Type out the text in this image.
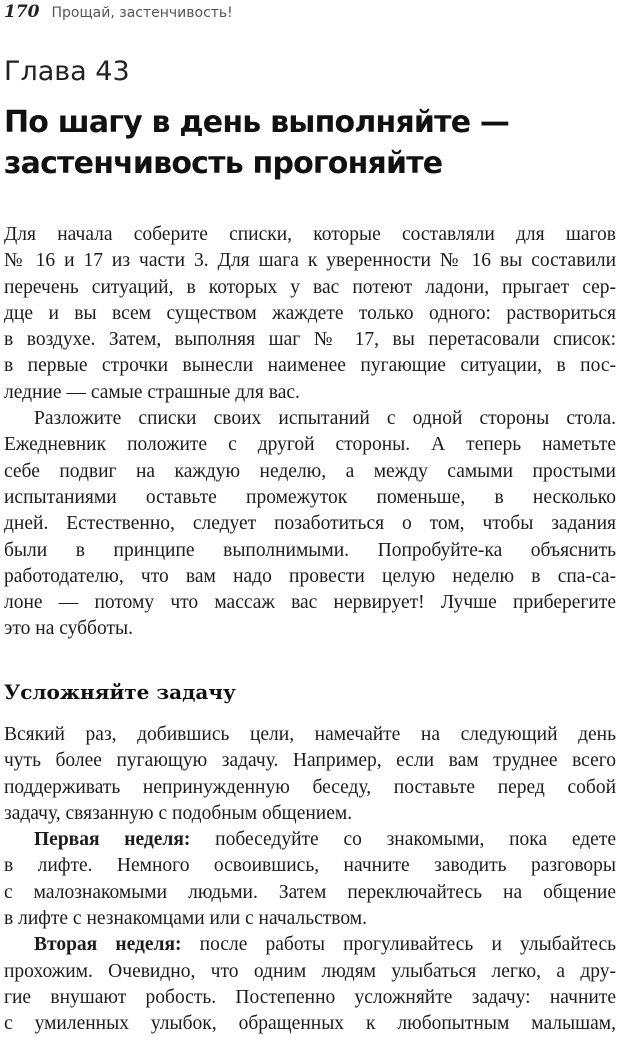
170 Прощай, застенчивость!
Глава 43
По шагу в день выполняйте —
застенчивость прогоняйте
Для начала соберите списки, которые составляли для шагов
№ 16 и 17 из части 3. Для шага к уверенности № 16 вы составили
перечень ситуаций, в которых у вас потеют ладони, прыгает сер-
дце и вы всем существом жаждете только одного: раствориться
в воздухе. Затем, выполняя шаг № 17, вы перетасовали список:
в первые строчки вынесли наименее пугающие ситуации, в пос-
ледние — самые страшные для вас.
Разложите списки своих испытаний с одной стороны стола.
Ежедневник положите с другой стороны. А теперь наметьте
себе подвиг на каждую неделю, а между самыми простыми
испытаниями оставьте промежуток поменьше, в несколько
дней. Естественно, следует позаботиться о том, чтобы задания
были в принципе выполнимыми. Попробуйте-ка объяснить
работодателю, что вам надо провести целую неделю в спа-са-
лоне — потому что массаж вас нервирует! Лучше приберегите
это на субботы.
Усложняйте задачу
Всякий раз, добившись цели, намечайте на следующий день
чуть более пугающую задачу. Например, если вам труднее всего
поддерживать непринужденную беседу, поставьте перед собой
задачу, связанную с подобным общением.
Первая неделя: побеседуйте со знакомыми, пока едете
в лифте. Немного освоившись, начните заводить разговоры
с малознакомыми людьми. Затем переключайтесь на общение
в лифте с незнакомцами или с начальством.
Вторая неделя: после работы прогуливайтесь и улыбайтесь
прохожим. Очевидно, что одним людям улыбаться легко, а дру-
гие внушают робость. Постепенно усложняйте задачу: начните
с умиленных улыбок, обращенных к любопытным малышам,
